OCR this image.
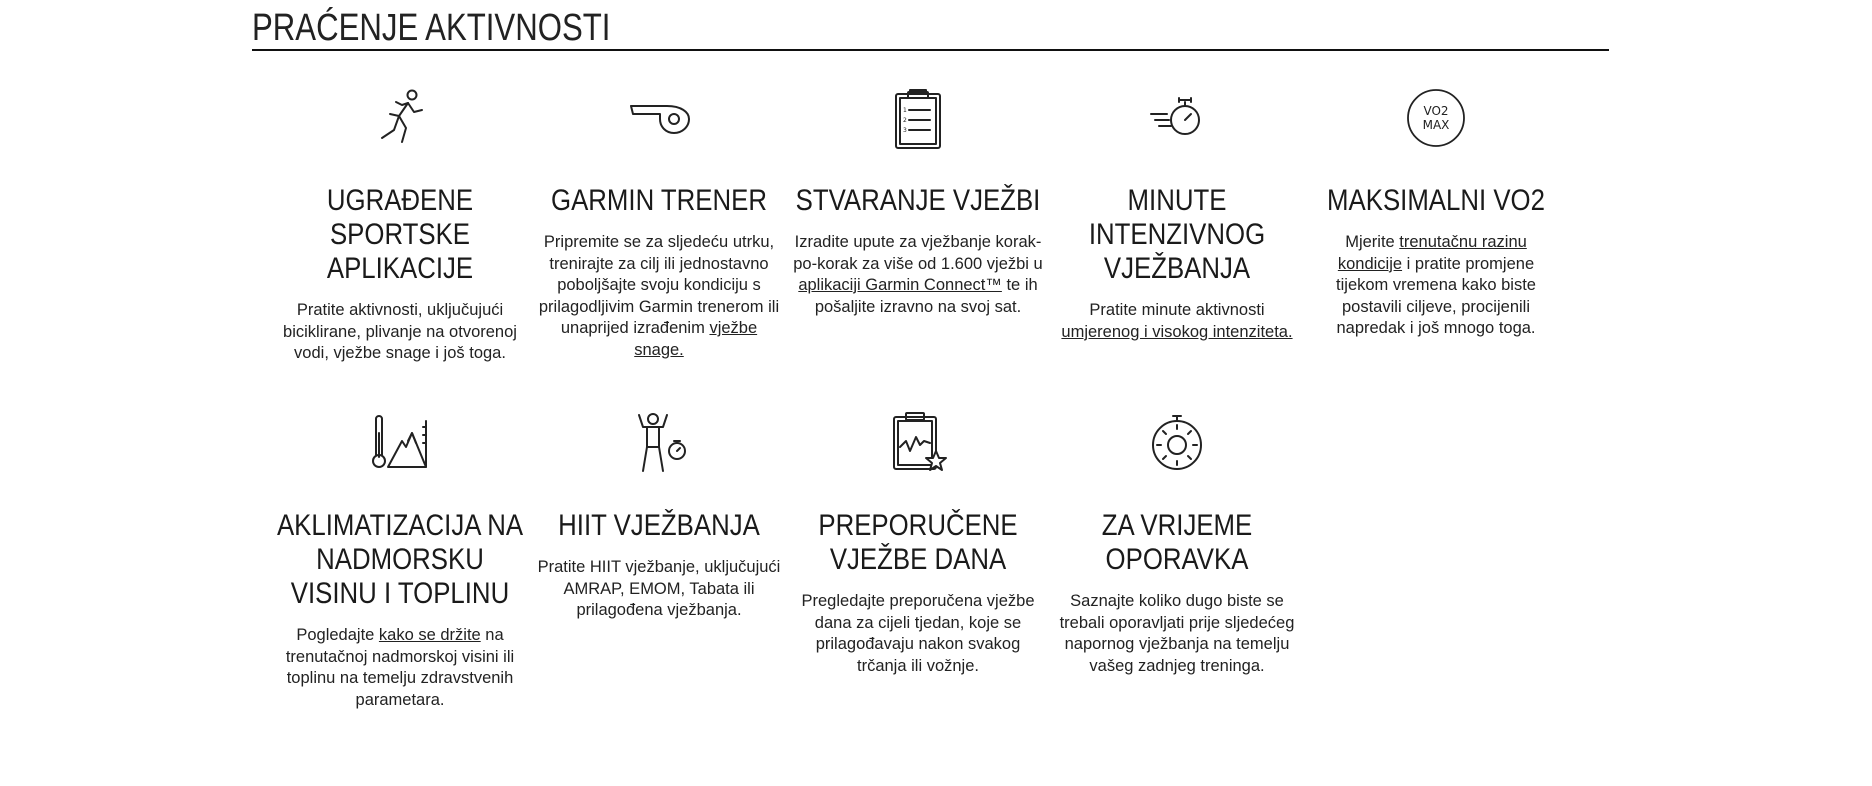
PRAĆENJE AKTIVNOSTI
UGRAĐENE SPORTSKE APLIKACIJE
Pratite aktivnosti, uključujući biciklirane, plivanje na otvorenoj vodi, vježbe snage i još toga.
GARMIN TRENER
Pripremite se za sljedeću utrku, trenirajte za cilj ili jednostavno poboljšajte svoju kondiciju s prilagodljivim Garmin trenerom ili unaprijed izrađenim vježbe snage.
1
2
3
STVARANJE VJEŽBI
Izradite upute za vježbanje korak-po-korak za više od 1.600 vježbi u aplikaciji Garmin Connect™ te ih pošaljite izravno na svoj sat.
MINUTE INTENZIVNOG VJEŽBANJA
Pratite minute aktivnosti umjerenog i visokog intenziteta.
VO2
MAX
MAKSIMALNI VO2
Mjerite trenutačnu razinu kondicije i pratite promjene tijekom vremena kako biste postavili ciljeve, procijenili napredak i još mnogo toga.
AKLIMATIZACIJA NA NADMORSKU VISINU I TOPLINU
Pogledajte kako se držite na trenutačnoj nadmorskoj visini ili toplinu na temelju zdravstvenih parametara.
HIIT VJEŽBANJA
Pratite HIIT vježbanje, uključujući AMRAP, EMOM, Tabata ili prilagođena vježbanja.
PREPORUČENE VJEŽBE DANA
Pregledajte preporučena vježbe dana za cijeli tjedan, koje se prilagođavaju nakon svakog trčanja ili vožnje.
ZA VRIJEME OPORAVKA
Saznajte koliko dugo biste se trebali oporavljati prije sljedećeg napornog vježbanja na temelju vašeg zadnjeg treninga.
